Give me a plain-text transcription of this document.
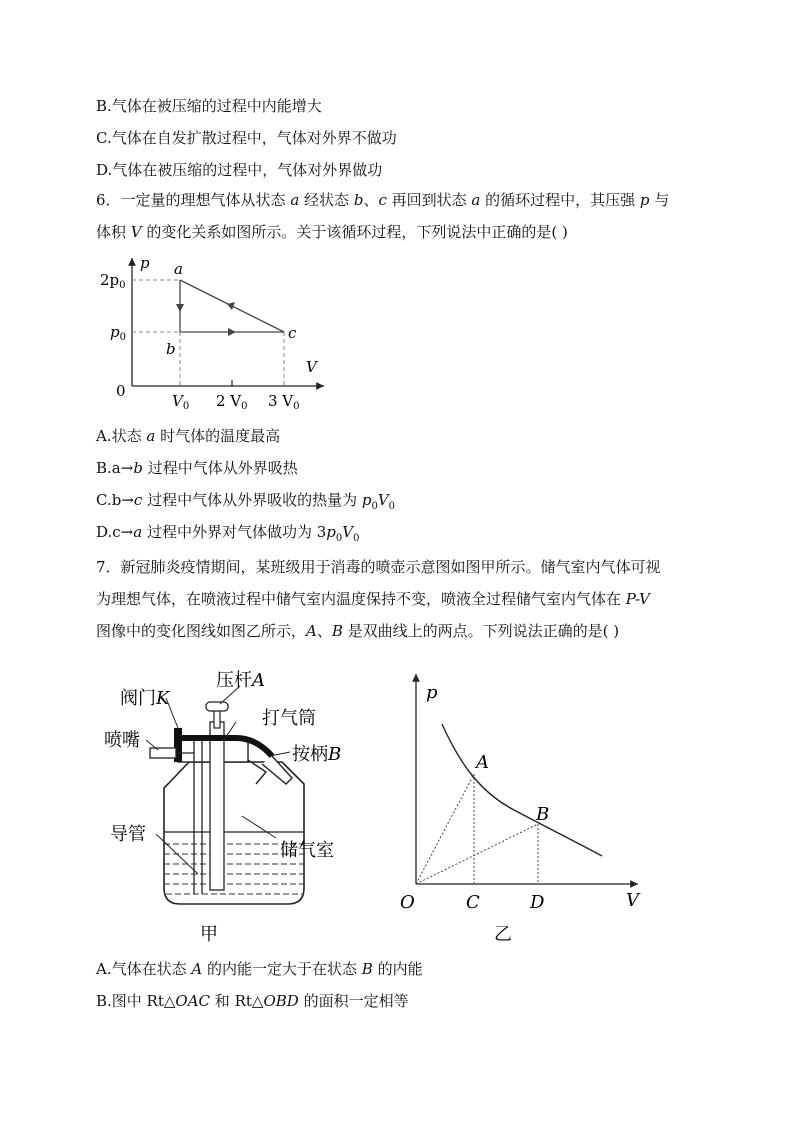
B.气体在被压缩的过程中内能增大
C.气体在自发扩散过程中，气体对外界不做功
D.气体在被压缩的过程中，气体对外界做功
6．一定量的理想气体从状态 a 经状态 b、c 再回到状态 a 的循环过程中，其压强 p 与
体积 V 的变化关系如图所示。关于该循环过程，下列说法中正确的是( )
p
V
0
a
b
c
$2p_0$
$p_0$
$V_0$ 2 $V_0$ 3 $V_0$
A.状态 a 时气体的温度最高
B.a→b 过程中气体从外界吸热
C.b→c 过程中气体从外界吸收的热量为 $p_0V_0$
D.c→a 过程中外界对气体做功为 $3p_0V_0$
7．新冠肺炎疫情期间，某班级用于消毒的喷壶示意图如图甲所示。储气室内气体可视
为理想气体，在喷液过程中储气室内温度保持不变，喷液全过程储气室内气体在 P-V
图像中的变化图线如图乙所示，A、B 是双曲线上的两点。下列说法正确的是( )
压杆A
阀门K
打气筒
喷嘴
按柄B
导管
储气室
甲
p
V
O
A
B
C	D
乙
A.气体在状态 A 的内能一定大于在状态 B 的内能
B.图中 Rt△OAC 和 Rt△OBD 的面积一定相等
